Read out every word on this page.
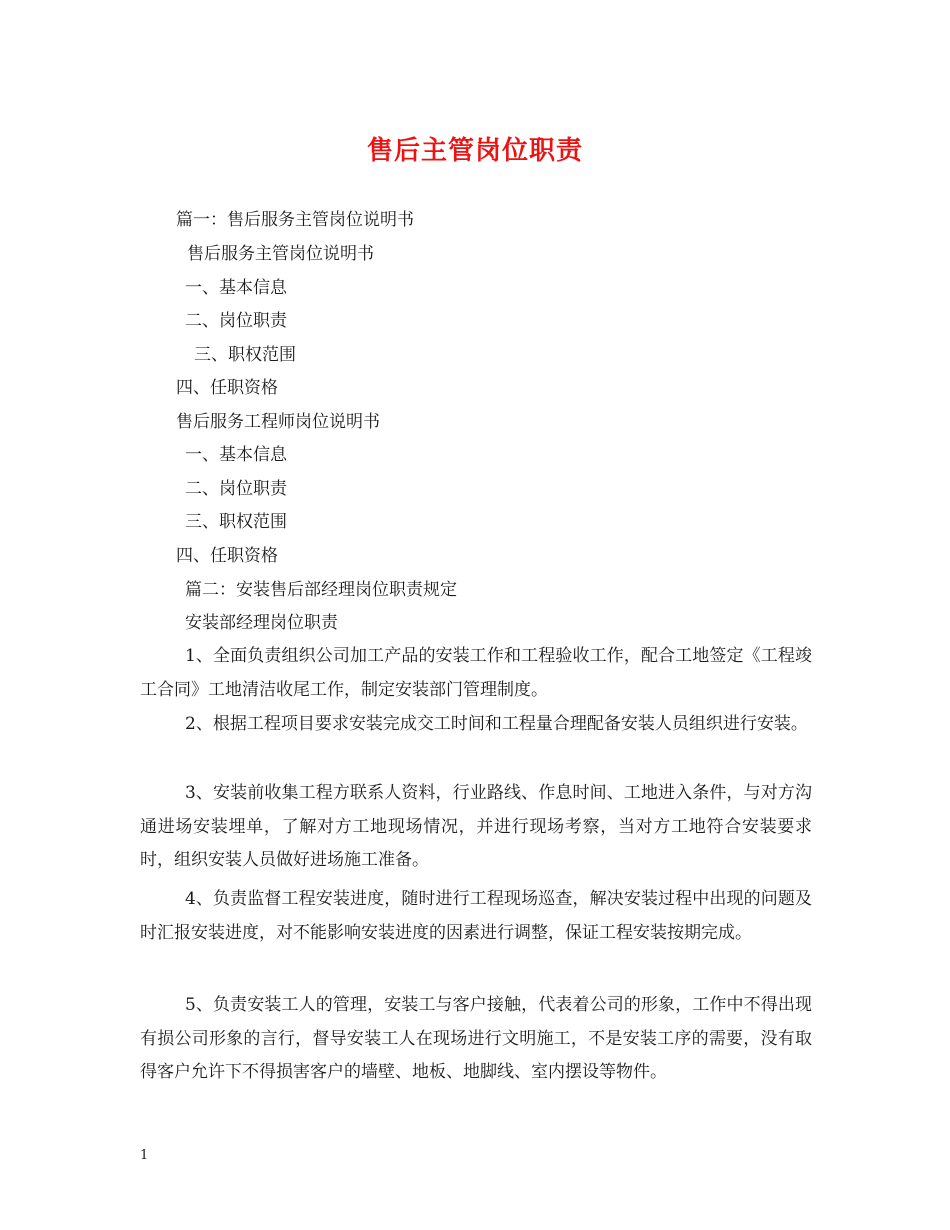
售后主管岗位职责
篇一：售后服务主管岗位说明书
售后服务主管岗位说明书
一、基本信息
二、岗位职责
三、职权范围
四、任职资格
售后服务工程师岗位说明书
一、基本信息
二、岗位职责
三、职权范围
四、任职资格
篇二：安装售后部经理岗位职责规定
安装部经理岗位职责
1、全面负责组织公司加工产品的安装工作和工程验收工作，配合工地签定《工程竣工合同》工地清洁收尾工作，制定安装部门管理制度。
2、根据工程项目要求安装完成交工时间和工程量合理配备安装人员组织进行安装。
3、安装前收集工程方联系人资料，行业路线、作息时间、工地进入条件，与对方沟通进场安装埋单，了解对方工地现场情况，并进行现场考察，当对方工地符合安装要求时，组织安装人员做好进场施工准备。
4、负责监督工程安装进度，随时进行工程现场巡查，解决安装过程中出现的问题及时汇报安装进度，对不能影响安装进度的因素进行调整，保证工程安装按期完成。
5、负责安装工人的管理，安装工与客户接触，代表着公司的形象，工作中不得出现有损公司形象的言行，督导安装工人在现场进行文明施工，不是安装工序的需要，没有取得客户允许下不得损害客户的墙壁、地板、地脚线、室内摆设等物件。
1
